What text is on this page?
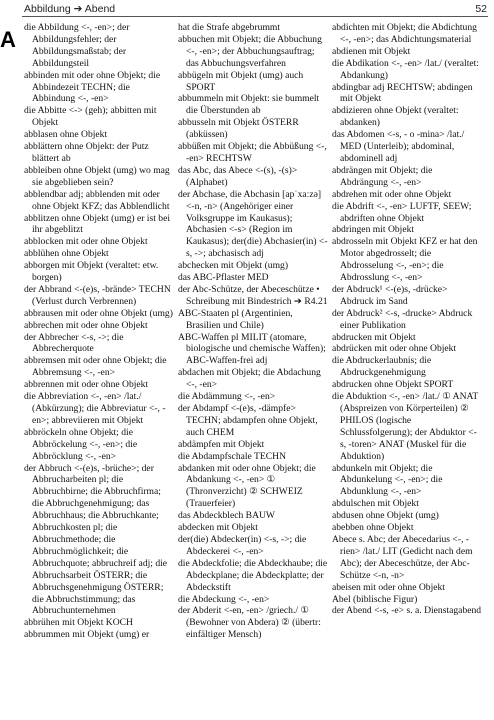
Abbildung ➔ Abend	52
A die Abbildung <-, -en>; der Abbildungsfehler; der Abbildungsmaßstab; der Abbildungsteil

abbinden mit oder ohne Objekt; die Abbindezeit TECHN; die Abbindung <-, -en>

die Abbitte <-> (geh); abbitten mit Objekt

abblasen ohne Objekt

abblättern ohne Objekt: der Putz blättert ab

abbleiben ohne Objekt (umg) wo mag sie abgeblieben sein?

abblendbar adj; abblenden mit oder ohne Objekt KFZ; das Abblendlicht

abblitzen ohne Objekt (umg) er ist bei ihr abgeblitzt

abblocken mit oder ohne Objekt

abblühen ohne Objekt

abborgen mit Objekt (veraltet: etw. borgen)

der Abbrand <-(e)s, -brände> TECHN (Verlust durch Verbrennen)

abbrausen mit oder ohne Objekt (umg)

abbrechen mit oder ohne Objekt

der Abbrecher <-s, ->; die Abbrecherquote

abbremsen mit oder ohne Objekt; die Abbremsung <-, -en>

abbrennen mit oder ohne Objekt

die Abbreviation <-, -en> /lat./ (Abkürzung); die Abbreviatur <-, -en>; abbreviieren mit Objekt

abbröckeln ohne Objekt; die Abbröckelung <-, -en>; die Abbröcklung <-, -en>

der Abbruch <-(e)s, -brüche>; der Abbrucharbeiten pl; die Abbruchbirne; die Abbruchfirma; die Abbruchgenehmigung; das Abbruchhaus; die Abbruchkante; Abbruchkosten pl; die Abbruchmethode; die Abbruchmöglichkeit; die Abbruchquote; abbruchreif adj; die Abbruchsarbeit ÖSTERR; die Abbruchsgenehmigung ÖSTERR; die Abbruchstimmung; das Abbruchunternehmen

abbrühen mit Objekt KOCH

abbrummen mit Objekt (umg) er

hat die Strafe abgebrummt

abbuchen mit Objekt; die Abbuchung <-, -en>; der Abbuchungsauftrag; das Abbuchungsverfahren

abbügeln mit Objekt (umg) auch SPORT

abbummeln mit Objekt: sie bummelt die Überstunden ab

abbusseln mit Objekt ÖSTERR (abküssen)

abbüßen mit Objekt; die Abbüßung <-, -en> RECHTSW

das Abc, das Abece <-(s), -(s)> (Alphabet)

der Abchase, die Abchasin [apˈxaːzə] <-n, -n> (Angehöriger einer Volksgruppe im Kaukasus); Abchasien <-s> (Region im Kaukasus); der(die) Abchasier(in) <-s, ->; abchasisch adj

abchecken mit Objekt (umg)

das ABC-Pflaster MED

der Abc-Schütze, der Abeceschütze • Schreibung mit Bindestrich ➔ R4.21

ABC-Staaten pl (Argentinien, Brasilien und Chile)

ABC-Waffen pl MILIT (atomare, biologische und chemische Waffen); ABC-Waffen-frei adj

abdachen mit Objekt; die Abdachung <-, -en>

die Abdämmung <-, -en>

der Abdampf <-(e)s, -dämpfe> TECHN; abdampfen ohne Objekt, auch CHEM

abdämpfen mit Objekt

die Abdampfschale TECHN

abdanken mit oder ohne Objekt; die Abdankung <-, -en> ① (Thronverzicht) ② SCHWEIZ (Trauerfeier)

das Abdeckblech BAUW

abdecken mit Objekt

der(die) Abdecker(in) <-s, ->; die Abdeckerei <-, -en>

die Abdeckfolie; die Abdeckhaube; die Abdeckplane; die Abdeckplatte; der Abdeckstift

die Abdeckung <-, -en>

der Abderit <-en, -en> /griech./ ① (Bewohner von Abdera) ② (übertr: einfältiger Mensch)

abdichten mit Objekt; die Abdichtung <-, -en>; das Abdichtungsmaterial

abdienen mit Objekt

die Abdikation <-, -en> /lat./ (veraltet: Abdankung)

abdingbar adj RECHTSW; abdingen mit Objekt

abdizieren ohne Objekt (veraltet: abdanken)

das Abdomen <-s, - o -mina> /lat./ MED (Unterleib); abdominal, abdominell adj

abdrängen mit Objekt; die Abdrängung <-, -en>

abdrehen mit oder ohne Objekt

die Abdrift <-, -en> LUFTF, SEEW; abdriften ohne Objekt

abdringen mit Objekt

abdrosseln mit Objekt KFZ er hat den Motor abgedrosselt; die Abdrosselung <-, -en>; die Abdrosslung <-, -en>

der Abdruck¹ <-(e)s, -drücke> Abdruck im Sand

der Abdruck² <-s, -drucke> Abdruck einer Publikation

abdrucken mit Objekt

abdrücken mit oder ohne Objekt

die Abdruckerlaubnis; die Abdruckgenehmigung

abdrucken ohne Objekt SPORT

die Abduktion <-, -en> /lat./ ① ANAT (Abspreizen von Körperteilen) ② PHILOS (logische Schlussfolgerung); der Abduktor <-s, -toren> ANAT (Muskel für die Abduktion)

abdunkeln mit Objekt; die Abdunkelung <-, -en>; die Abdunklung <-, -en>

abdulschen mit Objekt

abdusen ohne Objekt (umg)

abebben ohne Objekt

Abece s. Abc; der Abecedarius <-, -rien> /lat./ LIT (Gedicht nach dem Abc); der Abeceschütze, der Abc-Schütze <-n, -n>

abeisen mit oder ohne Objekt

Abel (biblische Figur)

der Abend <-s, -e> s. a. Dienstagabend
